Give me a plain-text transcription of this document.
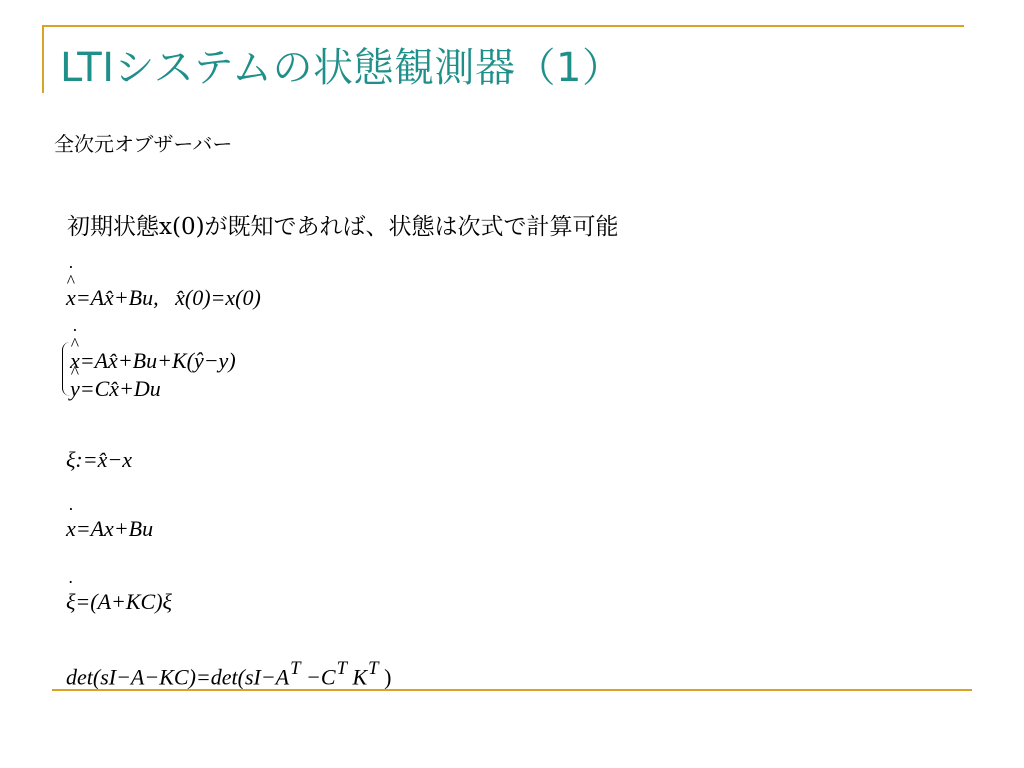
LTIシステムの状態観測器（1）
全次元オブザーバー
初期状態x(0)が既知であれば、状態は次式で計算可能
^ x ˙=Ax̂+Bu, x̂(0)=x(0)
^ x ˙=Ax̂+Bu+K(ŷ−y)
^ y=Cx̂+Du
ξ:=x̂−x
x ˙=Ax+Bu
ξ ˙=(A+KC)ξ
$\det(sI-A-KC)=\det(sI-A^T -C^T$ $K^T$ )
